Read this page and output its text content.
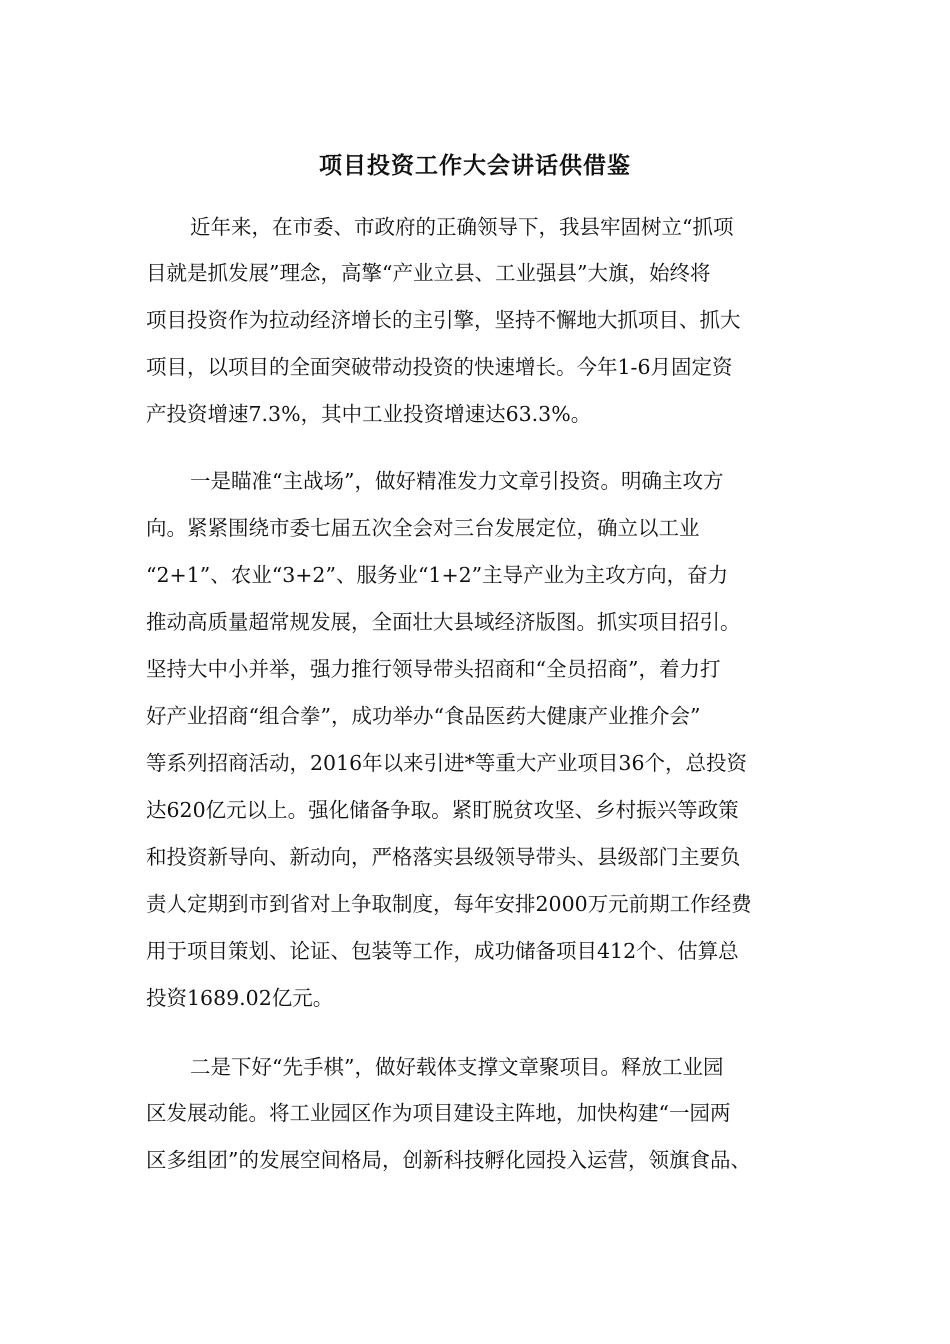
项目投资工作大会讲话供借鉴
近年来，在市委、市政府的正确领导下，我县牢固树立“抓项
目就是抓发展”理念，高擎“产业立县、工业强县”大旗，始终将
项目投资作为拉动经济增长的主引擎，坚持不懈地大抓项目、抓大
项目，以项目的全面突破带动投资的快速增长。今年1-6月固定资
产投资增速7.3%，其中工业投资增速达63.3%。
一是瞄准“主战场”，做好精准发力文章引投资。明确主攻方
向。紧紧围绕市委七届五次全会对三台发展定位，确立以工业
“2+1”、农业“3+2”、服务业“1+2”主导产业为主攻方向，奋力
推动高质量超常规发展，全面壮大县域经济版图。抓实项目招引。
坚持大中小并举，强力推行领导带头招商和“全员招商”，着力打
好产业招商“组合拳”，成功举办“食品医药大健康产业推介会”
等系列招商活动，2016年以来引进*等重大产业项目36个，总投资
达620亿元以上。强化储备争取。紧盯脱贫攻坚、乡村振兴等政策
和投资新导向、新动向，严格落实县级领导带头、县级部门主要负
责人定期到市到省对上争取制度，每年安排2000万元前期工作经费
用于项目策划、论证、包装等工作，成功储备项目412个、估算总
投资1689.02亿元。
二是下好“先手棋”，做好载体支撑文章聚项目。释放工业园
区发展动能。将工业园区作为项目建设主阵地，加快构建“一园两
区多组团”的发展空间格局，创新科技孵化园投入运营，领旗食品、
